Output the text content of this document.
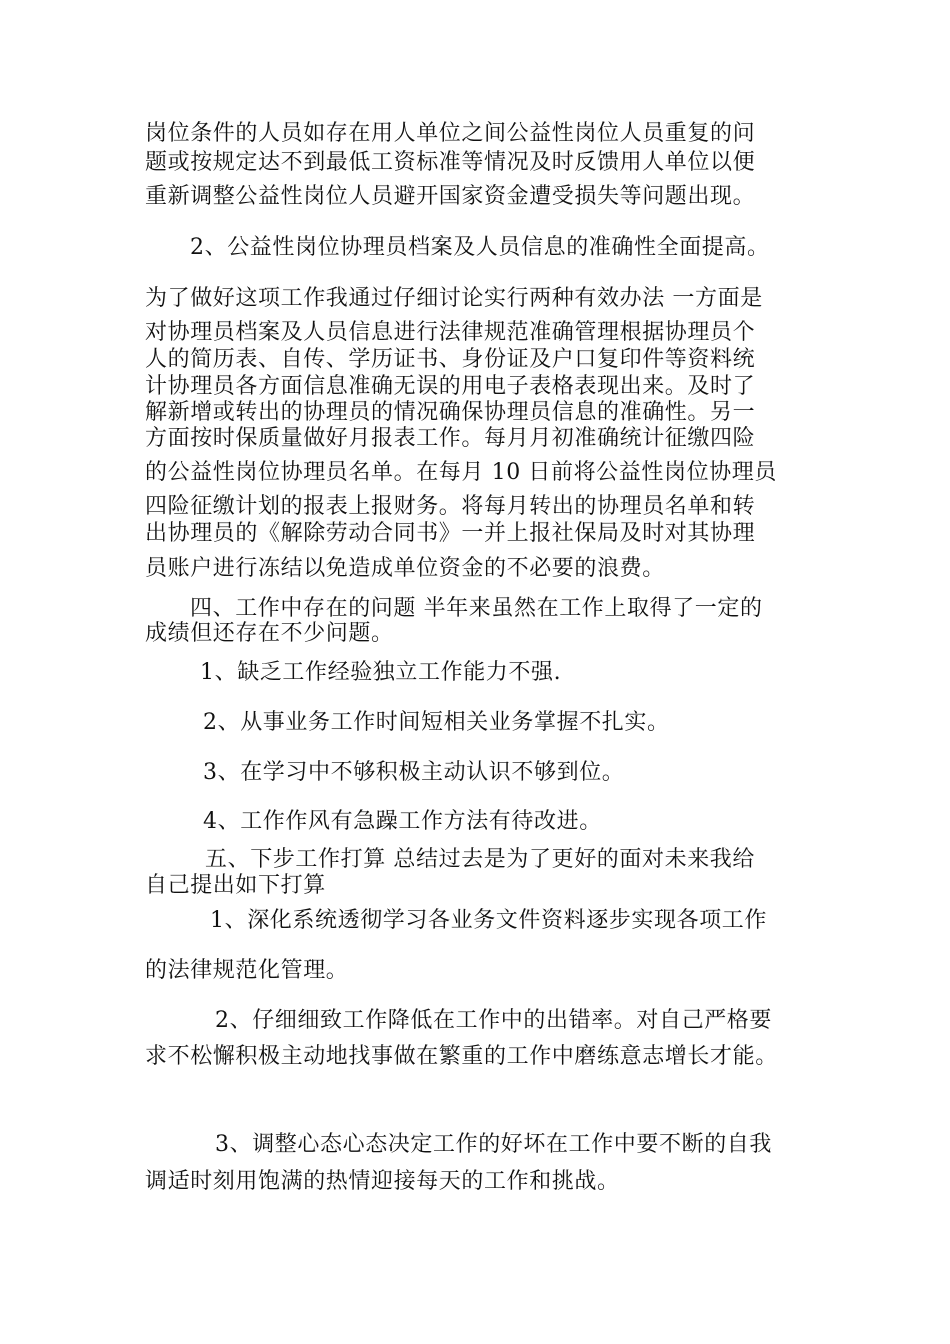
岗位条件的人员如存在用人单位之间公益性岗位人员重复的问

题或按规定达不到最低工资标准等情况及时反馈用人单位以便

重新调整公益性岗位人员避开国家资金遭受损失等问题出现。

2、公益性岗位协理员档案及人员信息的准确性全面提高。

为了做好这项工作我通过仔细讨论实行两种有效办法 一方面是

对协理员档案及人员信息进行法律规范准确管理根据协理员个

人的简历表、自传、学历证书、身份证及户口复印件等资料统

计协理员各方面信息准确无误的用电子表格表现出来。及时了

解新增或转出的协理员的情况确保协理员信息的准确性。另一

方面按时保质量做好月报表工作。每月月初准确统计征缴四险

的公益性岗位协理员名单。在每月 10 日前将公益性岗位协理员

四险征缴计划的报表上报财务。将每月转出的协理员名单和转

出协理员的《解除劳动合同书》一并上报社保局及时对其协理

员账户进行冻结以免造成单位资金的不必要的浪费。

四、工作中存在的问题 半年来虽然在工作上取得了一定的

成绩但还存在不少问题。

1、缺乏工作经验独立工作能力不强.

2、从事业务工作时间短相关业务掌握不扎实。

3、在学习中不够积极主动认识不够到位。

4、工作作风有急躁工作方法有待改进。

五、下步工作打算 总结过去是为了更好的面对未来我给

自己提出如下打算

1、深化系统透彻学习各业务文件资料逐步实现各项工作

的法律规范化管理。

2、仔细细致工作降低在工作中的出错率。对自己严格要

求不松懈积极主动地找事做在繁重的工作中磨练意志增长才能。

3、调整心态心态决定工作的好坏在工作中要不断的自我

调适时刻用饱满的热情迎接每天的工作和挑战。
